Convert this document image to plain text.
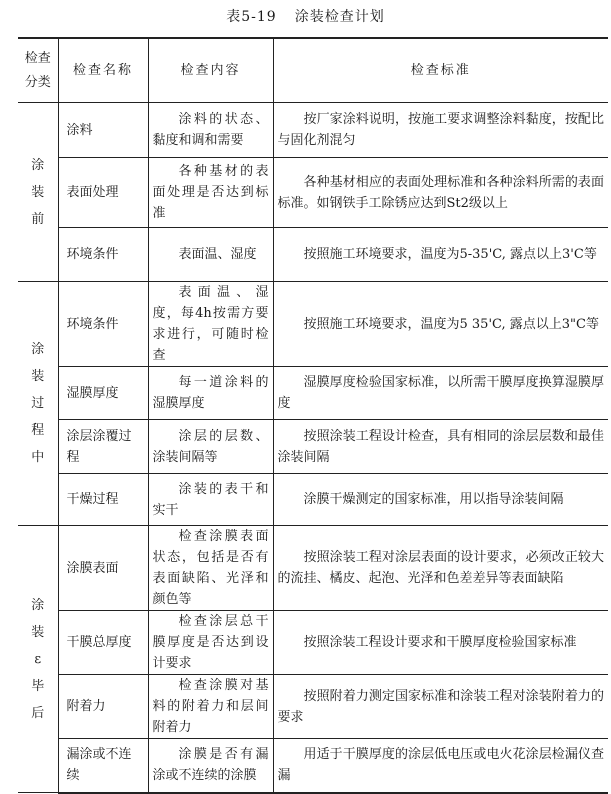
表5-19 涂装检查计划
检查
分类	检查名称	检查内容	检查标准
涂
装
前	涂料	涂料的状态、黏度和调和需要	按厂家涂料说明，按施工要求调整涂料黏度，按配比与固化剂混匀
	表面处理	各种基材的表面处理是否达到标准	各种基材相应的表面处理标准和各种涂料所需的表面标准。如钢铁手工除锈应达到St2级以上
	环境条件	表面温、湿度	按照施工环境要求，温度为5-35'C, 露点以上3'C等
涂
装
过
程
中	环境条件	表面温、湿度，每4h按需方要求进行，可随时检查	按照施工环境要求，温度为5 35'C, 露点以上3"C等
	湿膜厚度	每一道涂料的湿膜厚度	湿膜厚度检验国家标准，以所需干膜厚度换算湿膜厚度
	涂层涂覆过程	涂层的层数、涂装间隔等	按照涂装工程设计检查，具有相同的涂层层数和最佳涂装间隔
	干燥过程	涂装的表干和实干	涂膜干燥测定的国家标准，用以指导涂装间隔
涂
装
ε
毕
后	涂膜表面	检查涂膜表面状态，包括是否有表面缺陷、光泽和颜色等	按照涂装工程对涂层表面的设计要求，必须改正较大的流挂、橘皮、起泡、光泽和色差差异等表面缺陷
	干膜总厚度	检查涂层总干膜厚度是否达到设计要求	按照涂装工程设计要求和干膜厚度检验国家标准
	附着力	检查涂膜对基料的附着力和层间附着力	按照附着力测定国家标准和涂装工程对涂装附着力的要求
	漏涂或不连续	涂膜是否有漏涂或不连续的涂膜	用适于干膜厚度的涂层低电压或电火花涂层检漏仪查漏
